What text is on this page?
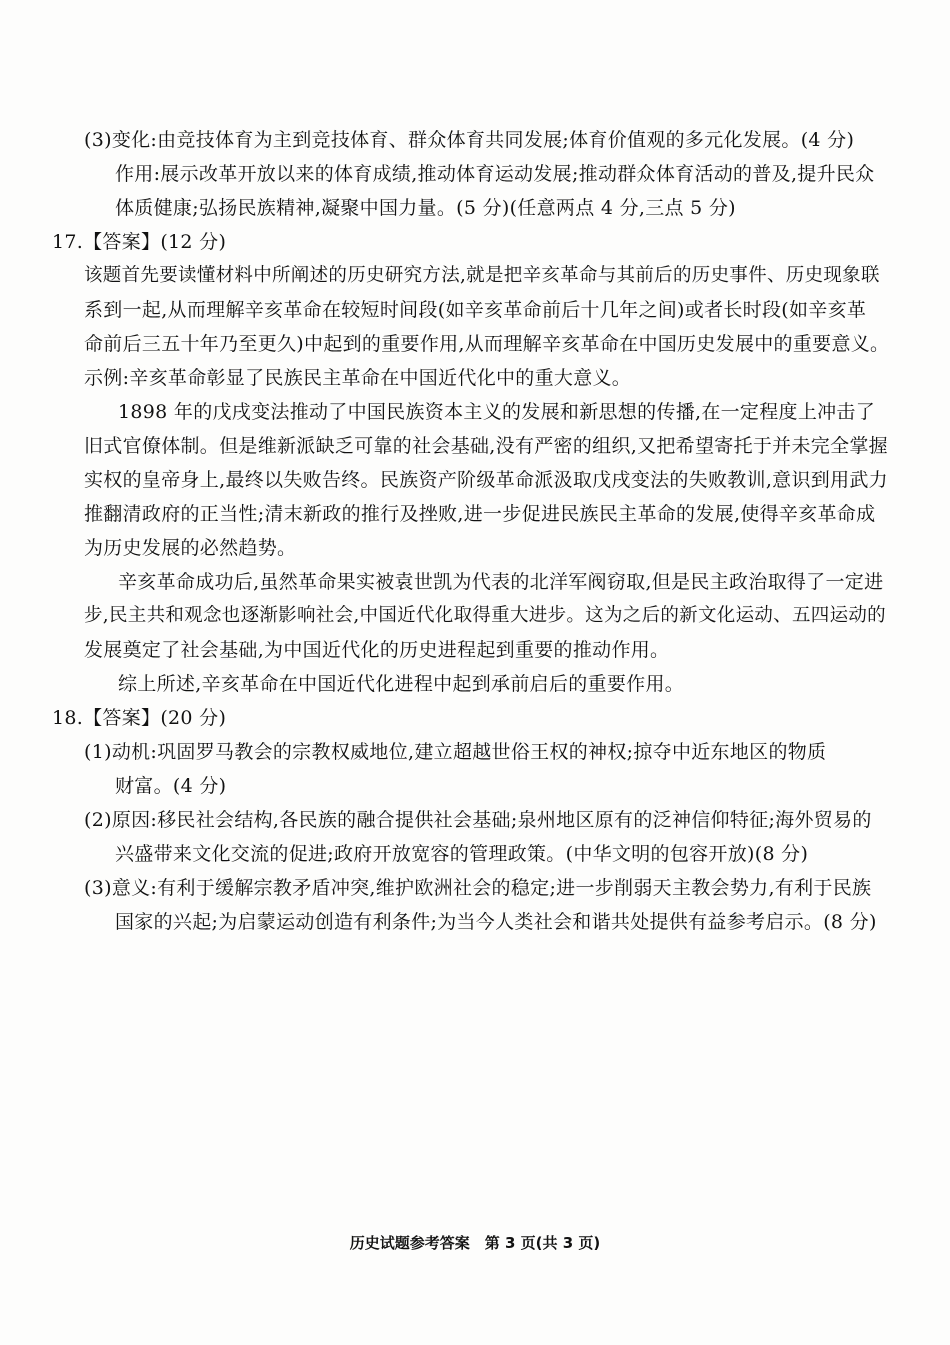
(3)变化:由竞技体育为主到竞技体育、群众体育共同发展;体育价值观的多元化发展。(4 分)
作用:展示改革开放以来的体育成绩,推动体育运动发展;推动群众体育活动的普及,提升民众
体质健康;弘扬民族精神,凝聚中国力量。(5 分)(任意两点 4 分,三点 5 分)
17.【答案】(12 分)
该题首先要读懂材料中所阐述的历史研究方法,就是把辛亥革命与其前后的历史事件、历史现象联
系到一起,从而理解辛亥革命在较短时间段(如辛亥革命前后十几年之间)或者长时段(如辛亥革
命前后三五十年乃至更久)中起到的重要作用,从而理解辛亥革命在中国历史发展中的重要意义。
示例:辛亥革命彰显了民族民主革命在中国近代化中的重大意义。
1898 年的戊戌变法推动了中国民族资本主义的发展和新思想的传播,在一定程度上冲击了
旧式官僚体制。但是维新派缺乏可靠的社会基础,没有严密的组织,又把希望寄托于并未完全掌握
实权的皇帝身上,最终以失败告终。民族资产阶级革命派汲取戊戌变法的失败教训,意识到用武力
推翻清政府的正当性;清末新政的推行及挫败,进一步促进民族民主革命的发展,使得辛亥革命成
为历史发展的必然趋势。
辛亥革命成功后,虽然革命果实被袁世凯为代表的北洋军阀窃取,但是民主政治取得了一定进
步,民主共和观念也逐渐影响社会,中国近代化取得重大进步。这为之后的新文化运动、五四运动的
发展奠定了社会基础,为中国近代化的历史进程起到重要的推动作用。
综上所述,辛亥革命在中国近代化进程中起到承前启后的重要作用。
18.【答案】(20 分)
(1)动机:巩固罗马教会的宗教权威地位,建立超越世俗王权的神权;掠夺中近东地区的物质
财富。(4 分)
(2)原因:移民社会结构,各民族的融合提供社会基础;泉州地区原有的泛神信仰特征;海外贸易的
兴盛带来文化交流的促进;政府开放宽容的管理政策。(中华文明的包容开放)(8 分)
(3)意义:有利于缓解宗教矛盾冲突,维护欧洲社会的稳定;进一步削弱天主教会势力,有利于民族
国家的兴起;为启蒙运动创造有利条件;为当今人类社会和谐共处提供有益参考启示。(8 分)
历史试题参考答案　第 3 页(共 3 页)
